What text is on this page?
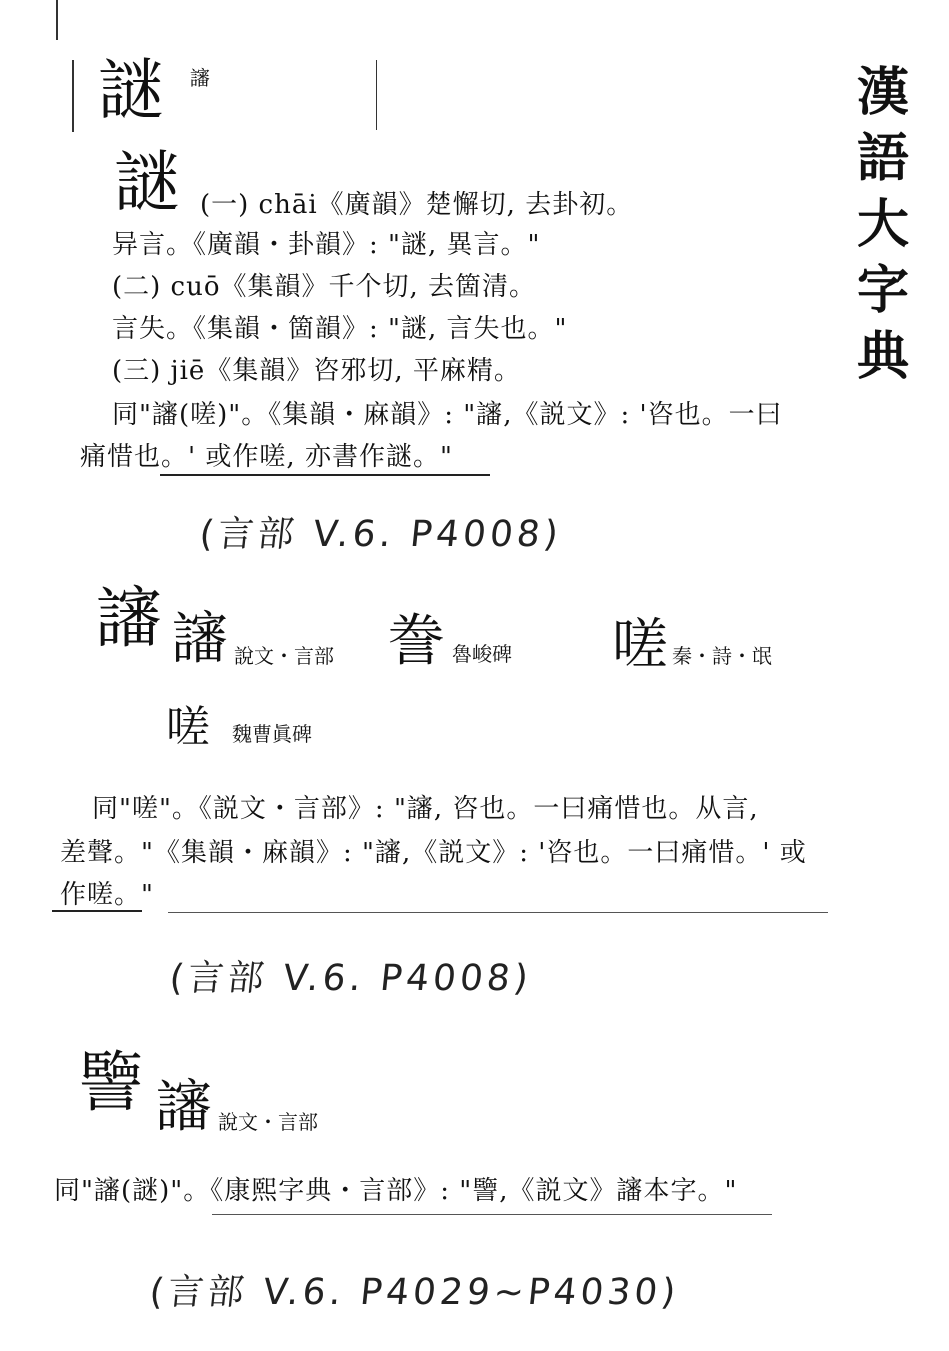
漢
語
大
字
典
謎 讅
謎 (一) chāi《廣韻》楚懈切, 去卦初。
异言。《廣韻・卦韻》: "謎, 異言。"
(二) cuō《集韻》千个切, 去箇清。
言失。《集韻・箇韻》: "謎, 言失也。"
(三) jiē《集韻》咨邪切, 平麻精。
同"讅(嗟)"。《集韻・麻韻》: "讅,《説文》: '咨也。一曰
痛惜也。' 或作嗟, 亦書作謎。"
(言部 V.6. P4008)
讅 讅 說文・言部 誊 魯峻碑 嗟 秦・詩・氓
嗟 魏曹眞碑
同"嗟"。《説文・言部》: "讅, 咨也。一曰痛惜也。从言,
差聲。"《集韻・麻韻》: "讅,《説文》: '咨也。一曰痛惜。' 或
作嗟。"
(言部 V.6. P4008)
譼 讅 說文・言部
同"讅(謎)"。《康熙字典・言部》: "譼,《説文》讅本字。"
(言部 V.6. P4029~P4030)
